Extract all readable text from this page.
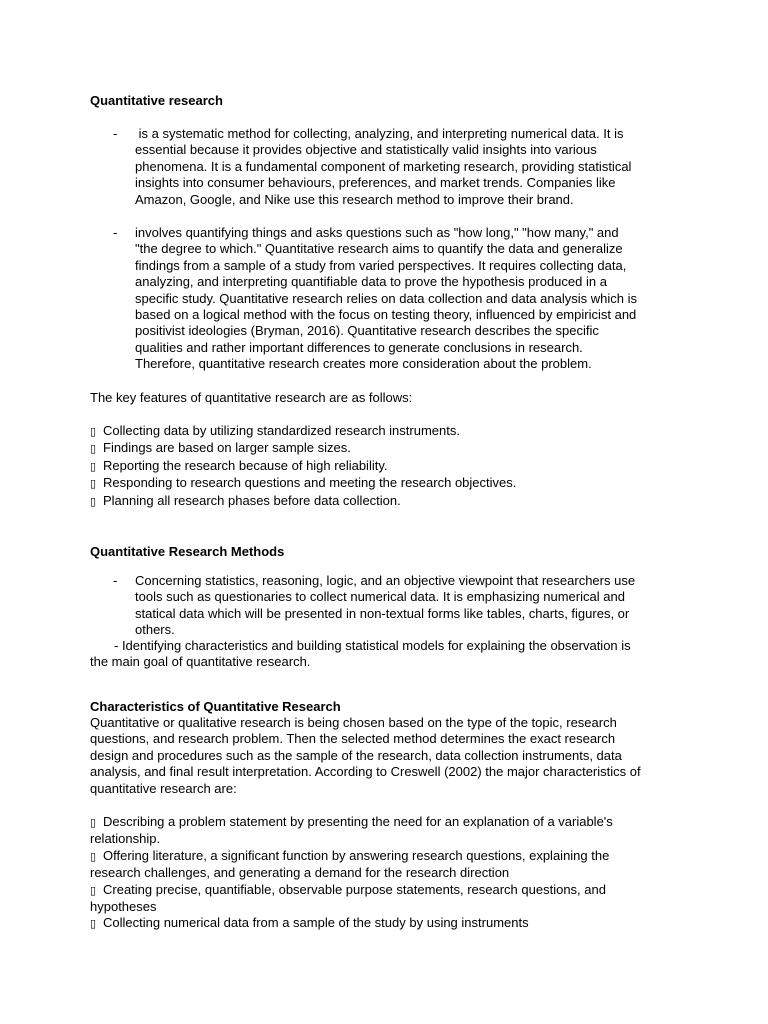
Quantitative research
- is a systematic method for collecting, analyzing, and interpreting numerical data. It is
essential because it provides objective and statistically valid insights into various
phenomena. It is a fundamental component of marketing research, providing statistical
insights into consumer behaviours, preferences, and market trends. Companies like
Amazon, Google, and Nike use this research method to improve their brand.
- involves quantifying things and asks questions such as "how long," "how many," and
"the degree to which." Quantitative research aims to quantify the data and generalize
findings from a sample of a study from varied perspectives. It requires collecting data,
analyzing, and interpreting quantifiable data to prove the hypothesis produced in a
specific study. Quantitative research relies on data collection and data analysis which is
based on a logical method with the focus on testing theory, influenced by empiricist and
positivist ideologies (Bryman, 2016). Quantitative research describes the specific
qualities and rather important differences to generate conclusions in research.
Therefore, quantitative research creates more consideration about the problem.
The key features of quantitative research are as follows:
▯ Collecting data by utilizing standardized research instruments.
▯ Findings are based on larger sample sizes.
▯ Reporting the research because of high reliability.
▯ Responding to research questions and meeting the research objectives.
▯ Planning all research phases before data collection.
Quantitative Research Methods
- Concerning statistics, reasoning, logic, and an objective viewpoint that researchers use
tools such as questionaries to collect numerical data. It is emphasizing numerical and
statical data which will be presented in non-textual forms like tables, charts, figures, or
others.
- Identifying characteristics and building statistical models for explaining the observation is
the main goal of quantitative research.
Characteristics of Quantitative Research
Quantitative or qualitative research is being chosen based on the type of the topic, research
questions, and research problem. Then the selected method determines the exact research
design and procedures such as the sample of the research, data collection instruments, data
analysis, and final result interpretation. According to Creswell (2002) the major characteristics of
quantitative research are:
▯ Describing a problem statement by presenting the need for an explanation of a variable's
relationship.
▯ Offering literature, a significant function by answering research questions, explaining the
research challenges, and generating a demand for the research direction
▯ Creating precise, quantifiable, observable purpose statements, research questions, and
hypotheses
▯ Collecting numerical data from a sample of the study by using instruments
